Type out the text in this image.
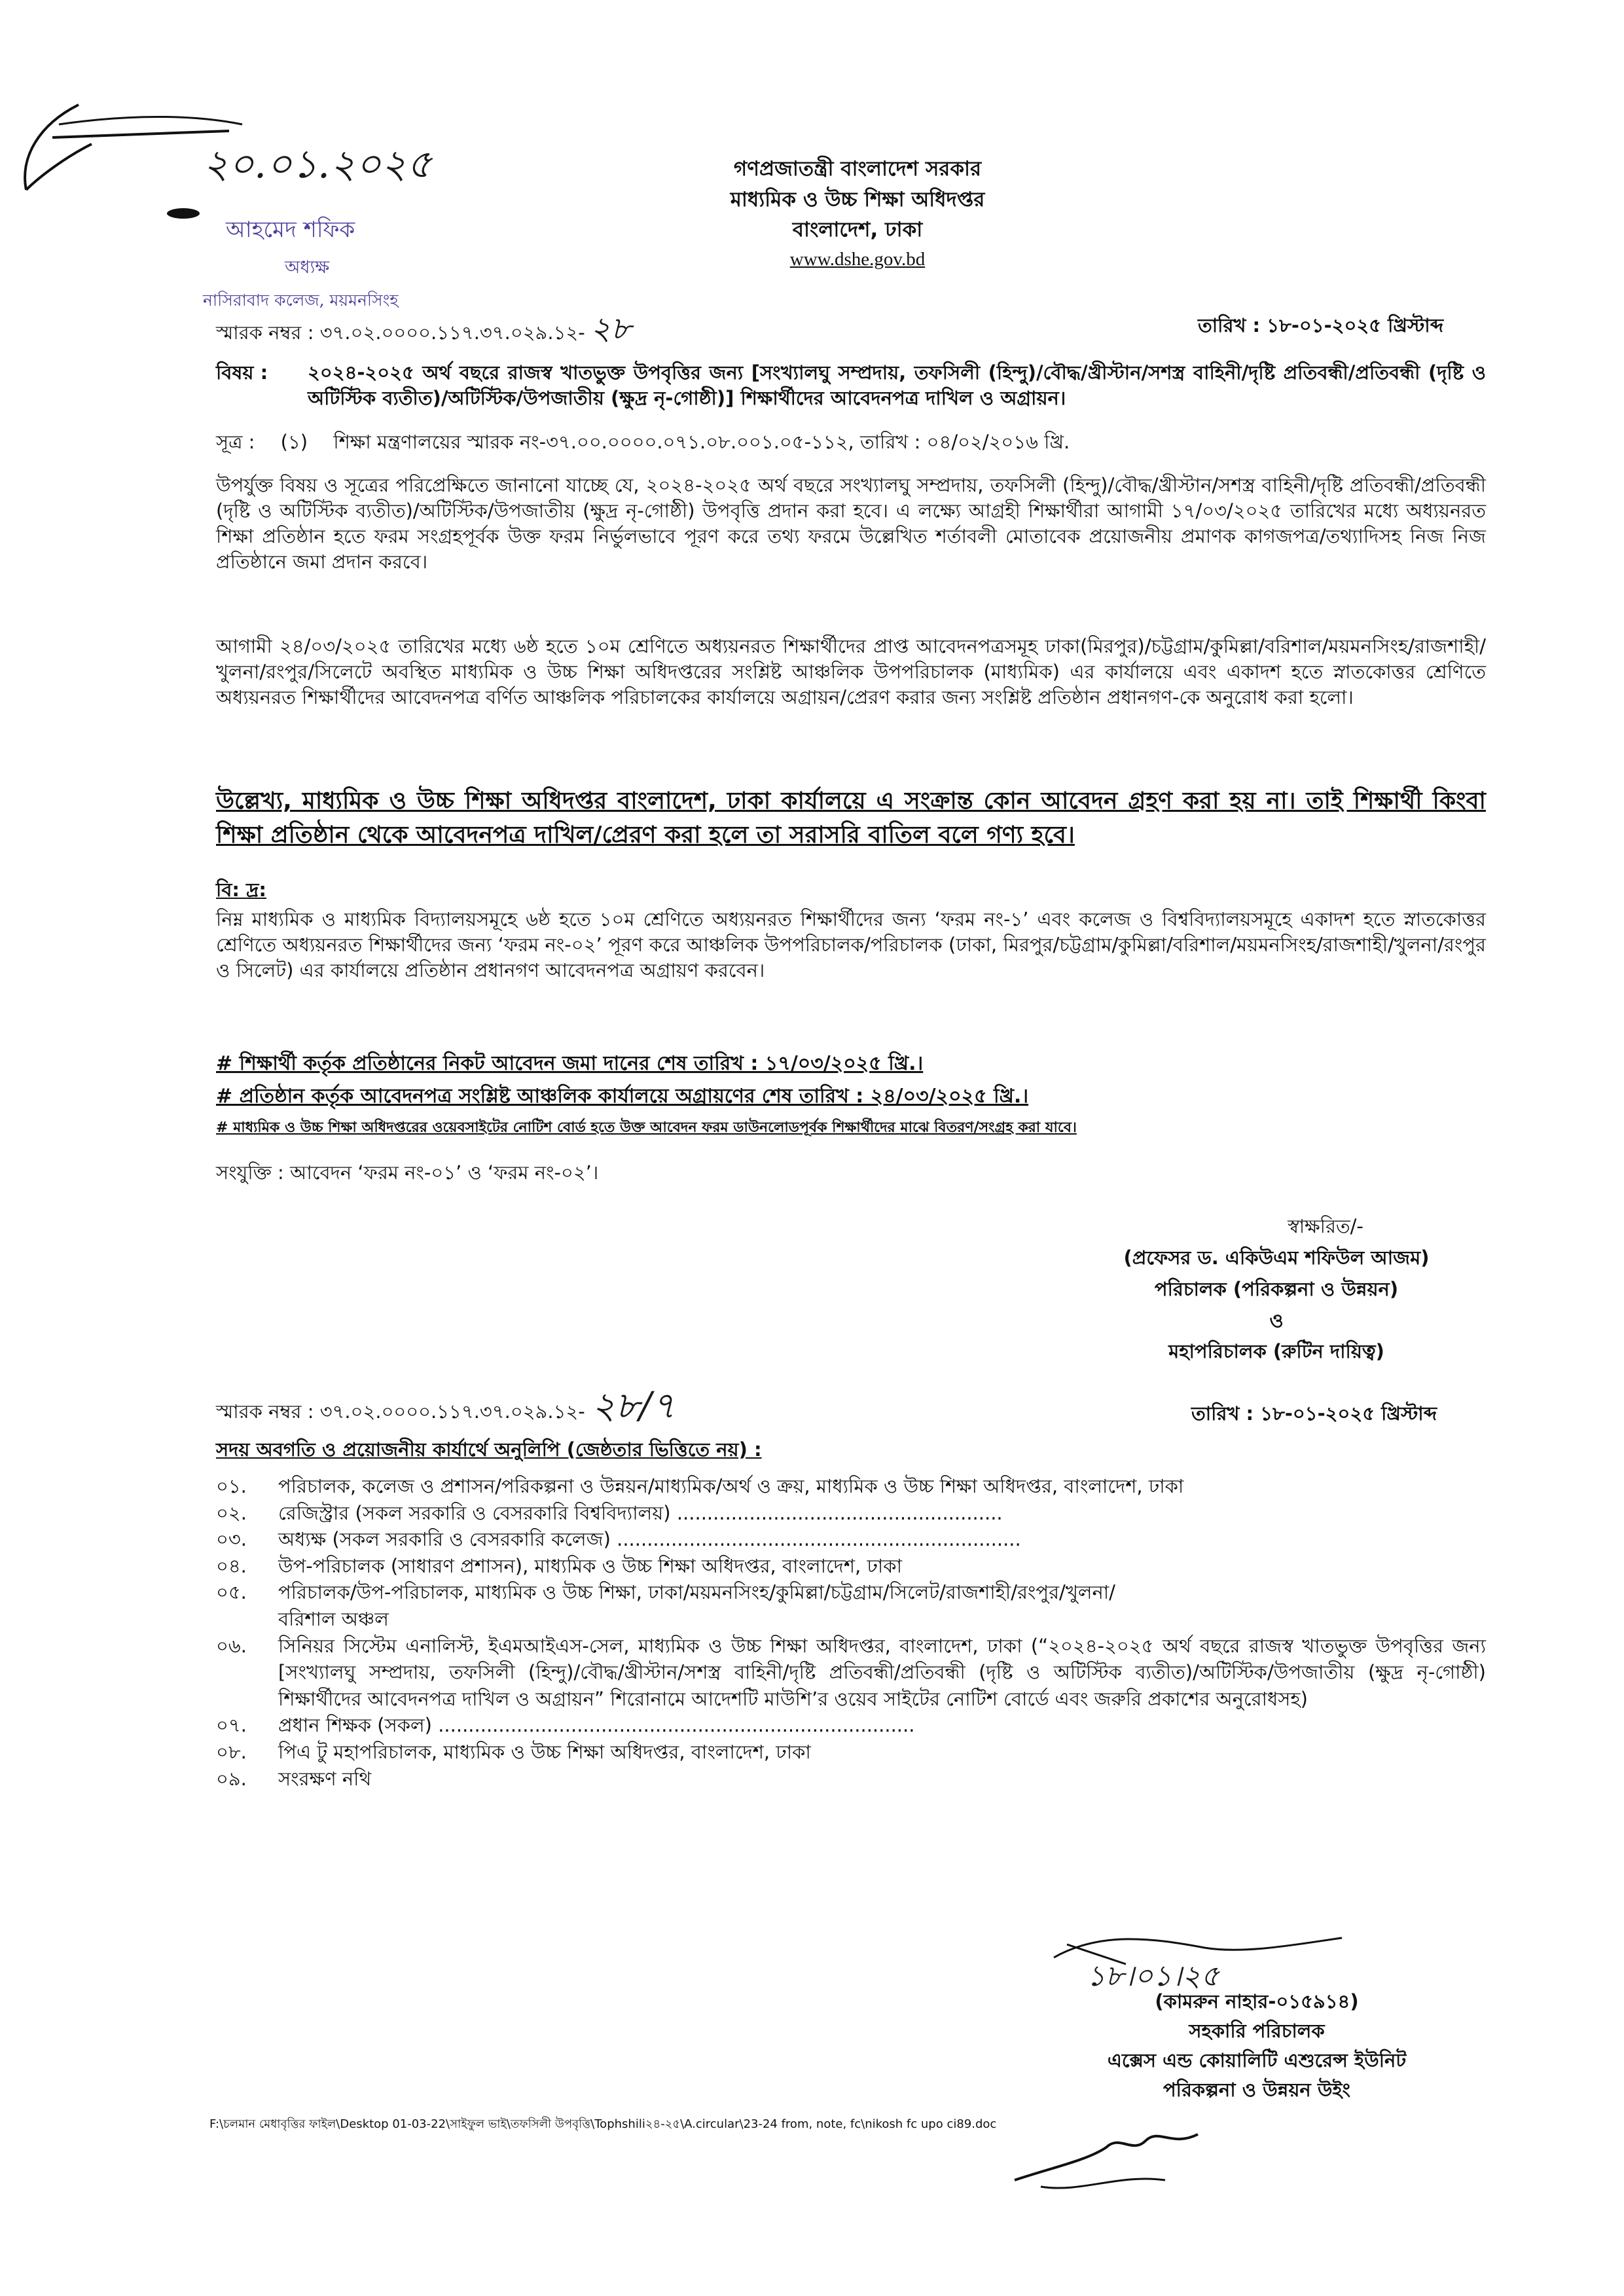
২০.০১.২০২৫
আহমেদ শফিক
অধ্যক্ষ
নাসিরাবাদ কলেজ, ময়মনসিংহ
গণপ্রজাতন্ত্রী বাংলাদেশ সরকার
মাধ্যমিক ও উচ্চ শিক্ষা অধিদপ্তর
বাংলাদেশ, ঢাকা
www.dshe.gov.bd
স্মারক নম্বর : ৩৭.০২.০০০০.১১৭.৩৭.০২৯.১২- ২৮	তারিখ : ১৮-০১-২০২৫ খ্রিস্টাব্দ
বিষয় : ২০২৪-২০২৫ অর্থ বছরে রাজস্ব খাতভুক্ত উপবৃত্তির জন্য [সংখ্যালঘু সম্প্রদায়, তফসিলী (হিন্দু)/বৌদ্ধ/খ্রীস্টান/সশস্ত্র বাহিনী/দৃষ্টি প্রতিবন্ধী/প্রতিবন্ধী (দৃষ্টি ও অটিস্টিক ব্যতীত)/অটিস্টিক/উপজাতীয় (ক্ষুদ্র নৃ-গোষ্ঠী)] শিক্ষার্থীদের আবেদনপত্র দাখিল ও অগ্রায়ন।
সূত্র : (১) শিক্ষা মন্ত্রণালয়ের স্মারক নং-৩৭.০০.০০০০.০৭১.০৮.০০১.০৫-১১২, তারিখ : ০৪/০২/২০১৬ খ্রি.
উপর্যুক্ত বিষয় ও সূত্রের পরিপ্রেক্ষিতে জানানো যাচ্ছে যে, ২০২৪-২০২৫ অর্থ বছরে সংখ্যালঘু সম্প্রদায়, তফসিলী (হিন্দু)/বৌদ্ধ/খ্রীস্টান/সশস্ত্র বাহিনী/দৃষ্টি প্রতিবন্ধী/প্রতিবন্ধী (দৃষ্টি ও অটিস্টিক ব্যতীত)/অটিস্টিক/উপজাতীয় (ক্ষুদ্র নৃ-গোষ্ঠী) উপবৃত্তি প্রদান করা হবে। এ লক্ষ্যে আগ্রহী শিক্ষার্থীরা আগামী ১৭/০৩/২০২৫ তারিখের মধ্যে অধ্যয়নরত শিক্ষা প্রতিষ্ঠান হতে ফরম সংগ্রহপূর্বক উক্ত ফরম নির্ভুলভাবে পূরণ করে তথ্য ফরমে উল্লেখিত শর্তাবলী মোতাবেক প্রয়োজনীয় প্রমাণক কাগজপত্র/তথ্যাদিসহ নিজ নিজ প্রতিষ্ঠানে জমা প্রদান করবে।
আগামী ২৪/০৩/২০২৫ তারিখের মধ্যে ৬ষ্ঠ হতে ১০ম শ্রেণিতে অধ্যয়নরত শিক্ষার্থীদের প্রাপ্ত আবেদনপত্রসমূহ ঢাকা(মিরপুর)/চট্টগ্রাম/কুমিল্লা/বরিশাল/ময়মনসিংহ/রাজশাহী/খুলনা/রংপুর/সিলেটে অবস্থিত মাধ্যমিক ও উচ্চ শিক্ষা অধিদপ্তরের সংশ্লিষ্ট আঞ্চলিক উপপরিচালক (মাধ্যমিক) এর কার্যালয়ে এবং একাদশ হতে স্নাতকোত্তর শ্রেণিতে অধ্যয়নরত শিক্ষার্থীদের আবেদনপত্র বর্ণিত আঞ্চলিক পরিচালকের কার্যালয়ে অগ্রায়ন/প্রেরণ করার জন্য সংশ্লিষ্ট প্রতিষ্ঠান প্রধানগণ-কে অনুরোধ করা হলো।
উল্লেখ্য, মাধ্যমিক ও উচ্চ শিক্ষা অধিদপ্তর বাংলাদেশ, ঢাকা কার্যালয়ে এ সংক্রান্ত কোন আবেদন গ্রহণ করা হয় না। তাই শিক্ষার্থী কিংবা শিক্ষা প্রতিষ্ঠান থেকে আবেদনপত্র দাখিল/প্রেরণ করা হলে তা সরাসরি বাতিল বলে গণ্য হবে।
বি: দ্র:
নিম্ন মাধ্যমিক ও মাধ্যমিক বিদ্যালয়সমূহে ৬ষ্ঠ হতে ১০ম শ্রেণিতে অধ্যয়নরত শিক্ষার্থীদের জন্য ‘ফরম নং-১’ এবং কলেজ ও বিশ্ববিদ্যালয়সমূহে একাদশ হতে স্নাতকোত্তর শ্রেণিতে অধ্যয়নরত শিক্ষার্থীদের জন্য ‘ফরম নং-০২’ পূরণ করে আঞ্চলিক উপপরিচালক/পরিচালক (ঢাকা, মিরপুর/চট্টগ্রাম/কুমিল্লা/বরিশাল/ময়মনসিংহ/রাজশাহী/খুলনা/রংপুর ও সিলেট) এর কার্যালয়ে প্রতিষ্ঠান প্রধানগণ আবেদনপত্র অগ্রায়ণ করবেন।
# শিক্ষার্থী কর্তৃক প্রতিষ্ঠানের নিকট আবেদন জমা দানের শেষ তারিখ : ১৭/০৩/২০২৫ খ্রি.।
# প্রতিষ্ঠান কর্তৃক আবেদনপত্র সংশ্লিষ্ট আঞ্চলিক কার্যালয়ে অগ্রায়ণের শেষ তারিখ : ২৪/০৩/২০২৫ খ্রি.।
# মাধ্যমিক ও উচ্চ শিক্ষা অধিদপ্তরের ওয়েবসাইটের নোটিশ বোর্ড হতে উক্ত আবেদন ফরম ডাউনলোডপূর্বক শিক্ষার্থীদের মাঝে বিতরণ/সংগ্রহ করা যাবে।
সংযুক্তি : আবেদন ‘ফরম নং-০১’ ও ‘ফরম নং-০২’।
স্বাক্ষরিত/-
(প্রফেসর ড. একিউএম শফিউল আজম)
পরিচালক (পরিকল্পনা ও উন্নয়ন)
ও
মহাপরিচালক (রুটিন দায়িত্ব)
স্মারক নম্বর : ৩৭.০২.০০০০.১১৭.৩৭.০২৯.১২- ২৮/৭	তারিখ : ১৮-০১-২০২৫ খ্রিস্টাব্দ
সদয় অবগতি ও প্রয়োজনীয় কার্যার্থে অনুলিপি (জেষ্ঠতার ভিত্তিতে নয়) :
০১.	পরিচালক, কলেজ ও প্রশাসন/পরিকল্পনা ও উন্নয়ন/মাধ্যমিক/অর্থ ও ক্রয়, মাধ্যমিক ও উচ্চ শিক্ষা অধিদপ্তর, বাংলাদেশ, ঢাকা
০২.	রেজিস্ট্রার (সকল সরকারি ও বেসরকারি বিশ্ববিদ্যালয়) ......................................................
০৩.	অধ্যক্ষ (সকল সরকারি ও বেসরকারি কলেজ) ...................................................................
০৪.	উপ-পরিচালক (সাধারণ প্রশাসন), মাধ্যমিক ও উচ্চ শিক্ষা অধিদপ্তর, বাংলাদেশ, ঢাকা
০৫.	পরিচালক/উপ-পরিচালক, মাধ্যমিক ও উচ্চ শিক্ষা, ঢাকা/ময়মনসিংহ/কুমিল্লা/চট্টগ্রাম/সিলেট/রাজশাহী/রংপুর/খুলনা/বরিশাল অঞ্চল
০৬.	সিনিয়র সিস্টেম এনালিস্ট, ইএমআইএস-সেল, মাধ্যমিক ও উচ্চ শিক্ষা অধিদপ্তর, বাংলাদেশ, ঢাকা (“২০২৪-২০২৫ অর্থ বছরে রাজস্ব খাতভুক্ত উপবৃত্তির জন্য [সংখ্যালঘু সম্প্রদায়, তফসিলী (হিন্দু)/বৌদ্ধ/খ্রীস্টান/সশস্ত্র বাহিনী/দৃষ্টি প্রতিবন্ধী/প্রতিবন্ধী (দৃষ্টি ও অটিস্টিক ব্যতীত)/অটিস্টিক/উপজাতীয় (ক্ষুদ্র নৃ-গোষ্ঠী) শিক্ষার্থীদের আবেদনপত্র দাখিল ও অগ্রায়ন” শিরোনামে আদেশটি মাউশি’র ওয়েব সাইটের নোটিশ বোর্ডে এবং জরুরি প্রকাশের অনুরোধসহ)
০৭.	প্রধান শিক্ষক (সকল) ...............................................................................
০৮.	পিএ টু মহাপরিচালক, মাধ্যমিক ও উচ্চ শিক্ষা অধিদপ্তর, বাংলাদেশ, ঢাকা
০৯.	সংরক্ষণ নথি
১৮।০১।২৫
(কামরুন নাহার-০১৫৯১৪)
সহকারি পরিচালক
এক্সেস এন্ড কোয়ালিটি এশুরেন্স ইউনিট
পরিকল্পনা ও উন্নয়ন উইং
F:\চলমান মেধাবৃত্তির ফাইল\Desktop 01-03-22\সাইফুল ভাই\তফসিলী উপবৃত্তি\Tophshili২৪-২৫\A.circular\23-24 from, note, fc\nikosh fc upo ci89.doc
